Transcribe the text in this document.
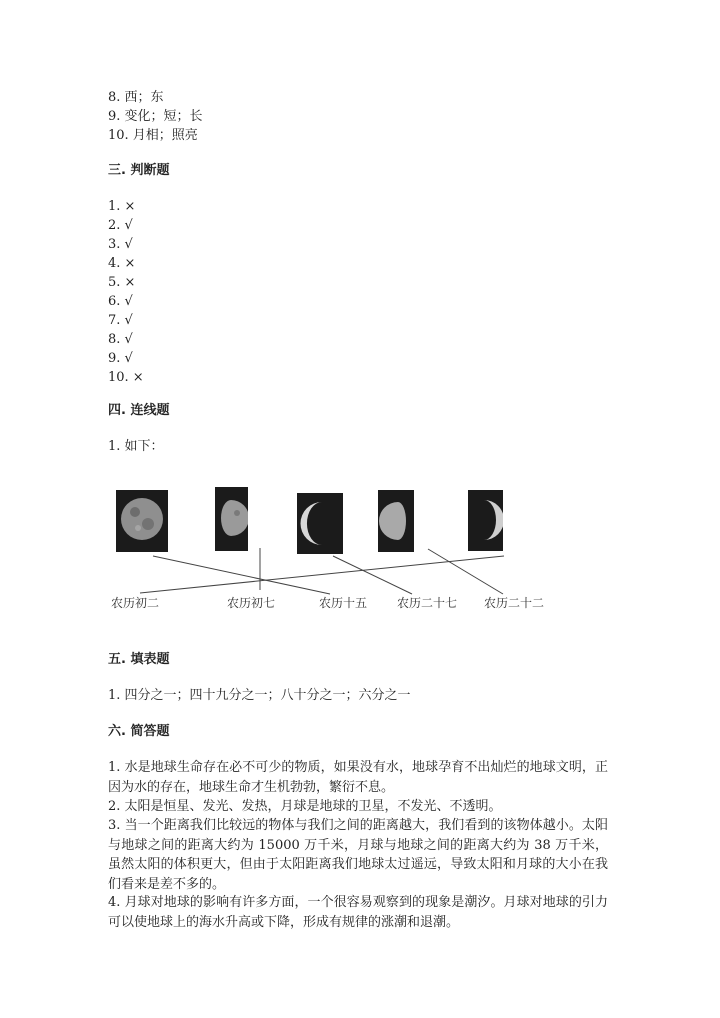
8. 西；东
9. 变化；短；长
10. 月相；照亮
三. 判断题
1. ×
2. √
3. √
4. ×
5. ×
6. √
7. √
8. √
9. √
10. ×
四. 连线题
1. 如下：
农历初二	农历初七	农历十五 农历二十七 农历二十二
五. 填表题
1. 四分之一；四十九分之一；八十分之一；六分之一
六. 简答题
1. 水是地球生命存在必不可少的物质，如果没有水，地球孕育不出灿烂的地球文明，正因为水的存在，地球生命才生机勃勃，繁衍不息。
2. 太阳是恒星、发光、发热，月球是地球的卫星，不发光、不透明。
3. 当一个距离我们比较远的物体与我们之间的距离越大，我们看到的该物体越小。太阳与地球之间的距离大约为 15000 万千米，月球与地球之间的距离大约为 38 万千米，虽然太阳的体积更大，但由于太阳距离我们地球太过遥远，导致太阳和月球的大小在我们看来是差不多的。
4. 月球对地球的影响有许多方面，一个很容易观察到的现象是潮汐。月球对地球的引力可以使地球上的海水升高或下降，形成有规律的涨潮和退潮。
